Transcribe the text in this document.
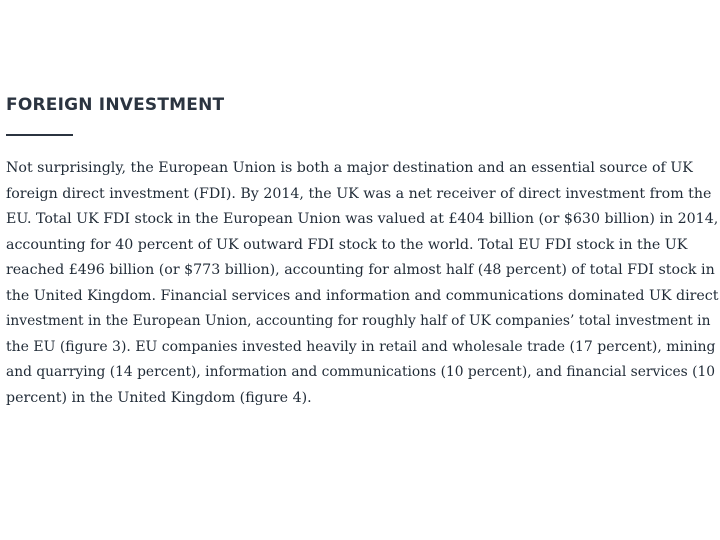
FOREIGN INVESTMENT

Not surprisingly, the European Union is both a major destination and an essential source of UK
foreign direct investment (FDI). By 2014, the UK was a net receiver of direct investment from the
EU. Total UK FDI stock in the European Union was valued at £404 billion (or $630 billion) in 2014,
accounting for 40 percent of UK outward FDI stock to the world. Total EU FDI stock in the UK
reached £496 billion (or $773 billion), accounting for almost half (48 percent) of total FDI stock in
the United Kingdom. Financial services and information and communications dominated UK direct
investment in the European Union, accounting for roughly half of UK companies’ total investment in
the EU (figure 3). EU companies invested heavily in retail and wholesale trade (17 percent), mining
and quarrying (14 percent), information and communications (10 percent), and financial services (10
percent) in the United Kingdom (figure 4).
